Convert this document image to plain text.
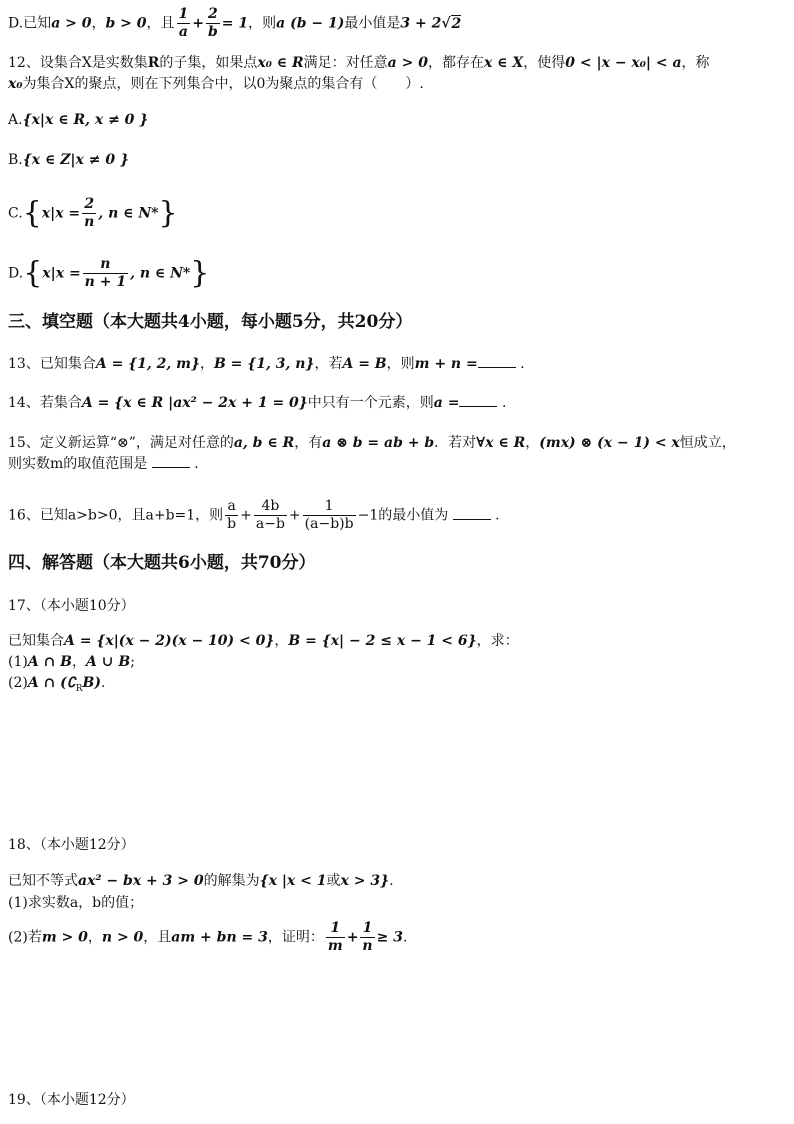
D.已知a > 0，b > 0，且 $\frac{1}{a} + \frac{2}{b} = 1$，则a (b − 1)最小值是3 + 2√2
12、设集合X是实数集R的子集，如果点x₀ ∈ R满足：对任意a > 0，都存在x ∈ X，使得0 < |x − x₀| < a，称
x₀为集合X的聚点，则在下列集合中，以0为聚点的集合有（　　）.
A.{x|x ∈ R, x ≠ 0 }
B.{x ∈ Z|x ≠ 0 }
$C.\{x|x = \frac{2}{n}$ , n ∈ N*}
$D.\{x|x = \frac{n}{n + 1}$ , n ∈ N*}
三、填空题（本大题共4小题，每小题5分，共20分）
13、已知集合A = {1, 2, m}，B = {1, 3, n}，若A = B，则m + n =	.
14、若集合A = {x ∈ R |ax² − 2x + 1 = 0}中只有一个元素，则a =	.
15、定义新运算“⊗”，满足对任意的a, b ∈ R，有a ⊗ b = ab + b．若对∀x ∈ R，(mx) ⊗ (x − 1) < x恒成立，
则实数m的取值范围是	.
16、已知a>b>0，且a+b=1，则 $\frac{a}{b} + \frac{4b}{a-b} + \frac{1}{(a-b)b} -1$的最小值为	.
四、解答题（本大题共6小题，共70分）
17、（本小题10分）
已知集合A = {x|(x − 2)(x − 10) < 0}，B = {x| − 2 ≤ x − 1 < 6}，求：
(1)A ∩ B，A ∪ B;
(2)A ∩ $(∁_RB)$.
18、（本小题12分）
已知不等式ax² − bx + 3 > 0的解集为{x |x < 1或x > 3}.
(1)求实数a，b的值；
(2)若m > 0，n > 0，且am + bn = 3，证明： $\frac{1}{m} + \frac{1}{n} \ge 3$.
19、（本小题12分）
